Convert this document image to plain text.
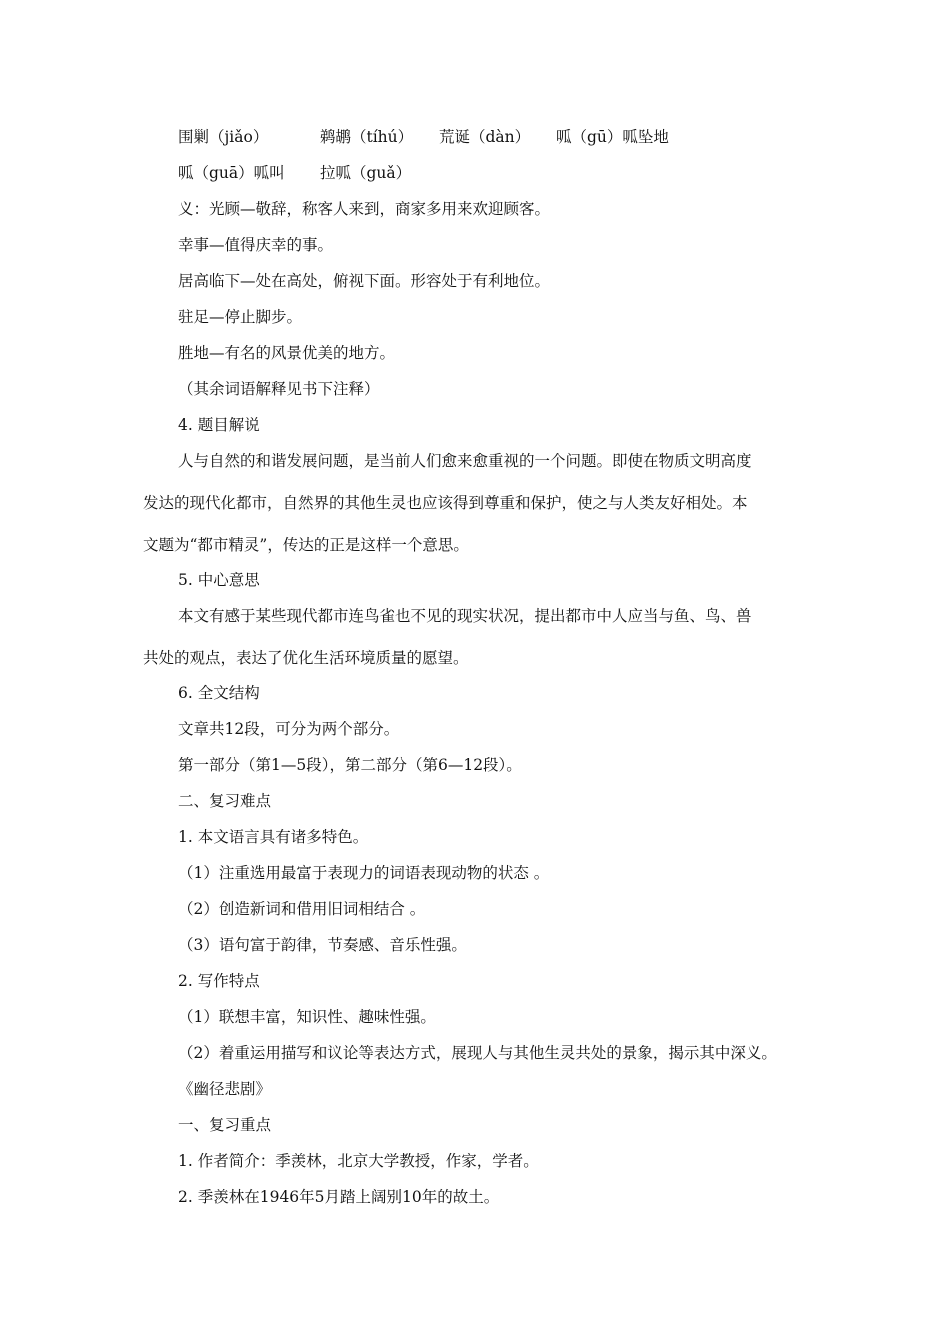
围剿（jiǎo）	鹈鹕（tíhú） 荒诞（dàn） 呱（gū）呱坠地
呱（guā）呱叫 拉呱（guǎ）
义：光顾—敬辞，称客人来到，商家多用来欢迎顾客。
幸事—值得庆幸的事。
居高临下—处在高处，俯视下面。形容处于有利地位。
驻足—停止脚步。
胜地—有名的风景优美的地方。
（其余词语解释见书下注释）
4. 题目解说
人与自然的和谐发展问题，是当前人们愈来愈重视的一个问题。即使在物质文明高度
发达的现代化都市，自然界的其他生灵也应该得到尊重和保护，使之与人类友好相处。本
文题为“都市精灵”，传达的正是这样一个意思。
5. 中心意思
本文有感于某些现代都市连鸟雀也不见的现实状况，提出都市中人应当与鱼、鸟、兽
共处的观点，表达了优化生活环境质量的愿望。
6. 全文结构
文章共12段，可分为两个部分。
第一部分（第1—5段），第二部分（第6—12段）。
二、复习难点
1. 本文语言具有诸多特色。
（1）注重选用最富于表现力的词语表现动物的状态 。
（2）创造新词和借用旧词相结合 。
（3）语句富于韵律，节奏感、音乐性强。
2. 写作特点
（1）联想丰富，知识性、趣味性强。
（2）着重运用描写和议论等表达方式，展现人与其他生灵共处的景象，揭示其中深义。
《幽径悲剧》
一、复习重点
1. 作者简介：季羡林，北京大学教授，作家，学者。
2. 季羡林在1946年5月踏上阔别10年的故土。
